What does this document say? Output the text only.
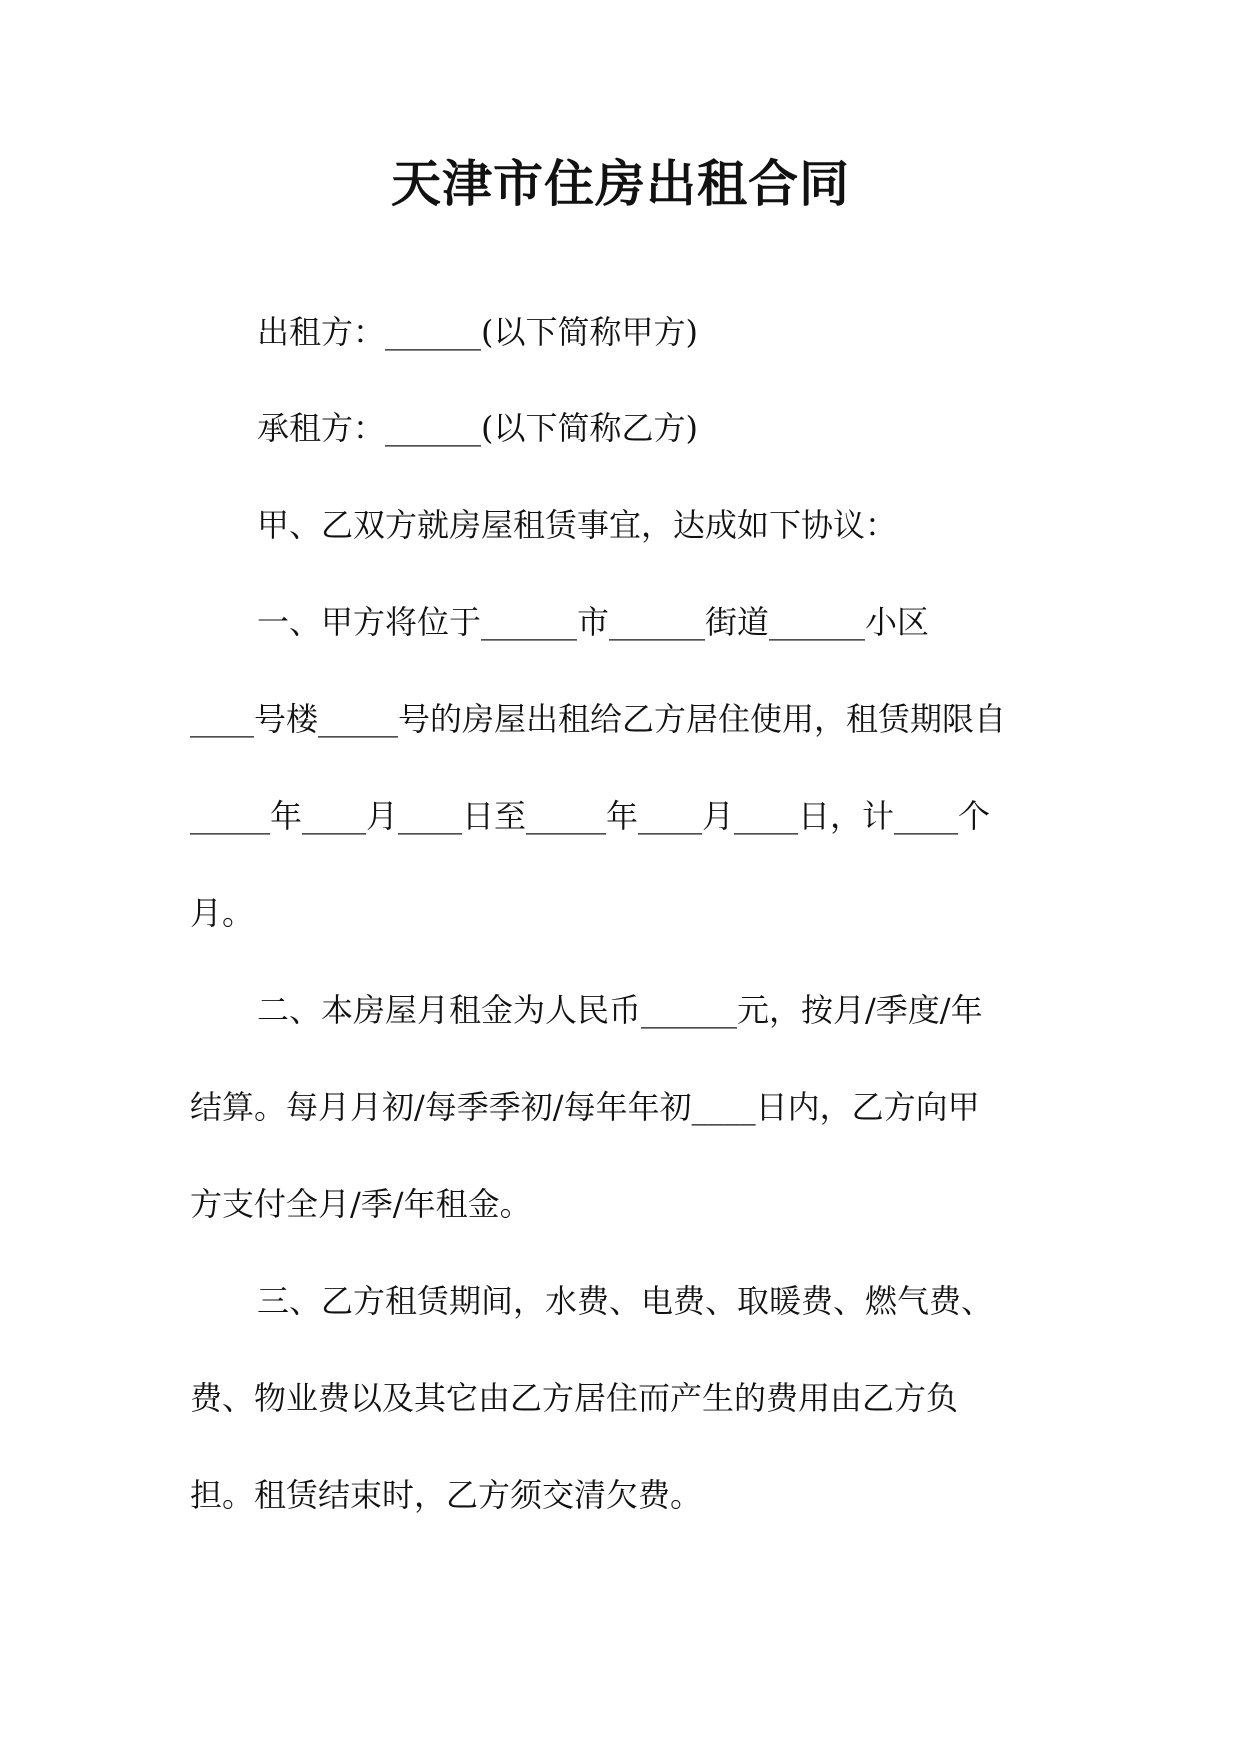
天津市住房出租合同
出租方：______(以下简称甲方)
承租方：______(以下简称乙方)
甲、乙双方就房屋租赁事宜，达成如下协议：
一、甲方将位于______市______街道______小区
____号楼_____号的房屋出租给乙方居住使用，租赁期限自
_____年____月____日至_____年____月____日，计____个
月。
二、本房屋月租金为人民币______元，按月/季度/年
结算。每月月初/每季季初/每年年初____日内，乙方向甲
方支付全月/季/年租金。
三、乙方租赁期间，水费、电费、取暖费、燃气费、
费、物业费以及其它由乙方居住而产生的费用由乙方负
担。租赁结束时，乙方须交清欠费。
